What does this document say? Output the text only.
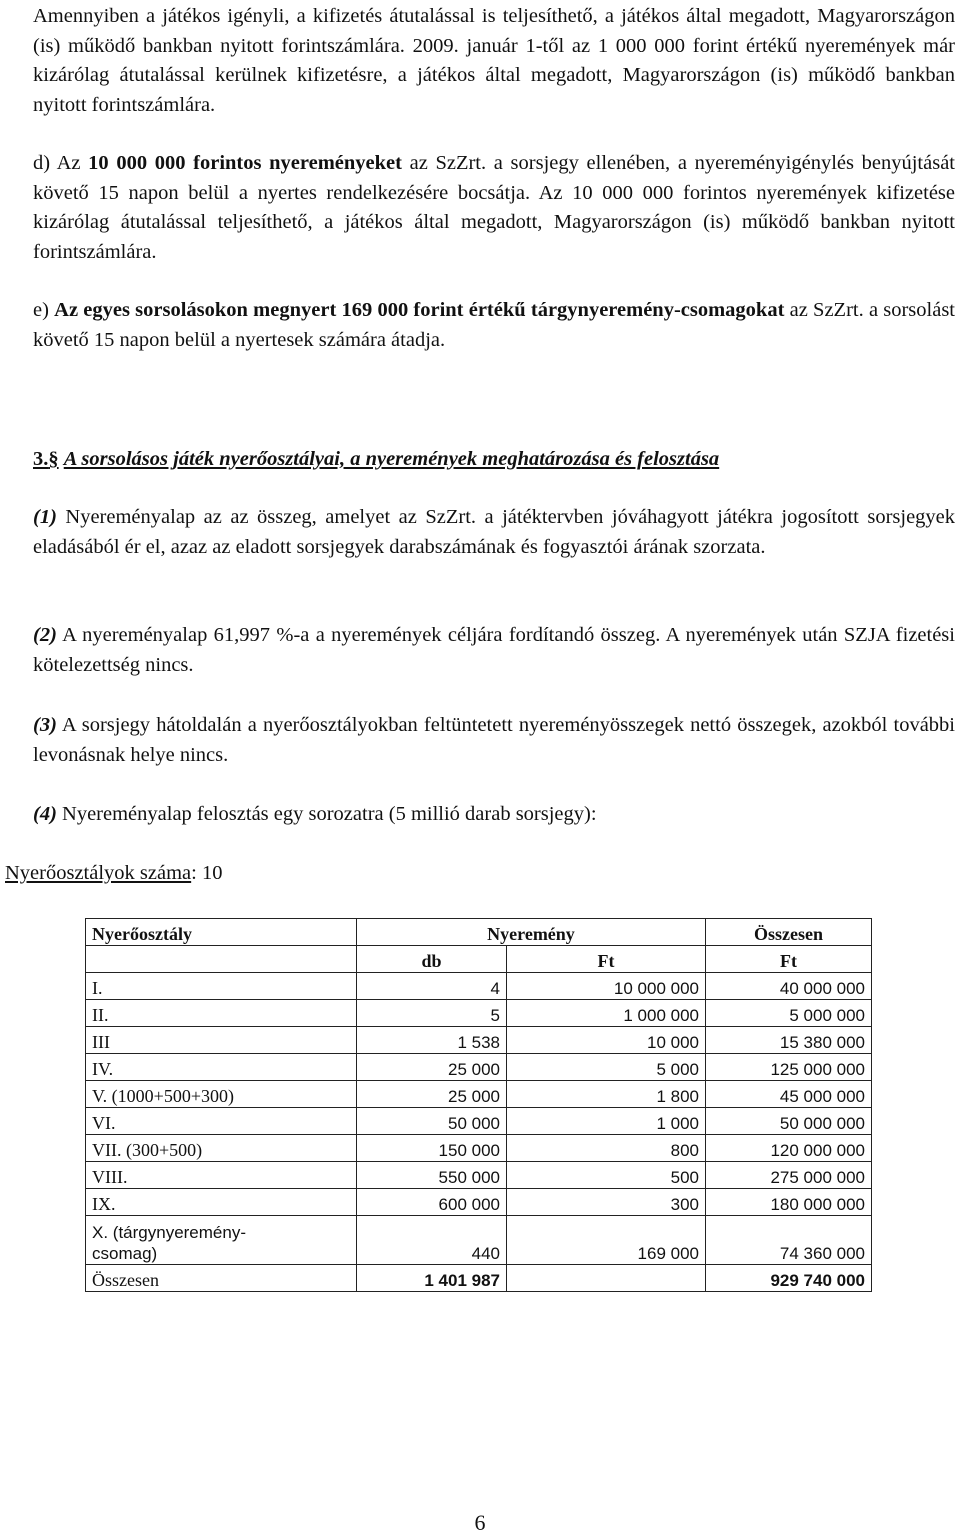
Amennyiben a játékos igényli, a kifizetés átutalással is teljesíthető, a játékos által megadott, Magyarországon (is) működő bankban nyitott forintszámlára. 2009. január 1-től az 1 000 000 forint értékű nyeremények már kizárólag átutalással kerülnek kifizetésre, a játékos által megadott, Magyarországon (is) működő bankban nyitott forintszámlára.

d) Az 10 000 000 forintos nyereményeket az SzZrt. a sorsjegy ellenében, a nyereményigénylés benyújtását követő 15 napon belül a nyertes rendelkezésére bocsátja. Az 10 000 000 forintos nyeremények kifizetése kizárólag átutalással teljesíthető, a játékos által megadott, Magyarországon (is) működő bankban nyitott forintszámlára.

e) Az egyes sorsolásokon megnyert 169 000 forint értékű tárgynyeremény-csomagokat az SzZrt. a sorsolást követő 15 napon belül a nyertesek számára átadja.

3.§ A sorsolásos játék nyerőosztályai, a nyeremények meghatározása és felosztása

(1) Nyereményalap az az összeg, amelyet az SzZrt. a játéktervben jóváhagyott játékra jogosított sorsjegyek eladásából ér el, azaz az eladott sorsjegyek darabszámának és fogyasztói árának szorzata.

(2) A nyereményalap 61,997 %-a a nyeremények céljára fordítandó összeg. A nyeremények után SZJA fizetési kötelezettség nincs.

(3) A sorsjegy hátoldalán a nyerőosztályokban feltüntetett nyereményösszegek nettó összegek, azokból további levonásnak helye nincs.

(4) Nyereményalap felosztás egy sorozatra (5 millió darab sorsjegy):

Nyerőosztályok száma: 10

Nyerőosztály	Nyeremény		Összesen
	db	Ft	Ft
I.	4	10 000 000	40 000 000
II.	5	1 000 000	5 000 000
III	1 538	10 000	15 380 000
IV.	25 000	5 000	125 000 000
V. (1000+500+300)	25 000	1 800	45 000 000
VI.	50 000	1 000	50 000 000
VII. (300+500)	150 000	800	120 000 000
VIII.	550 000	500	275 000 000
IX.	600 000	300	180 000 000
X. (tárgynyeremény-
csomag)	440	169 000	74 360 000
Összesen	1 401 987		929 740 000
6
